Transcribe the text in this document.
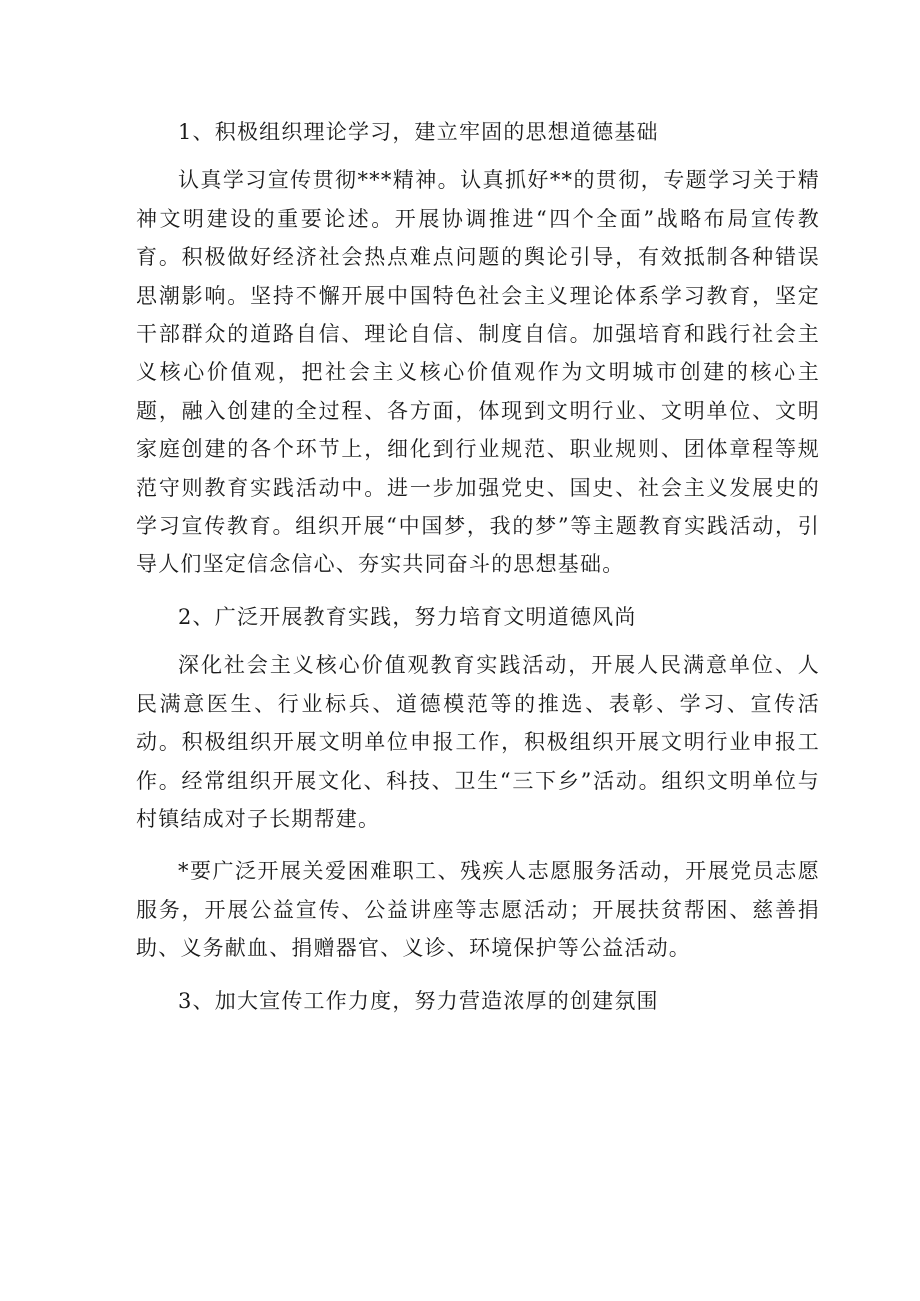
1、积极组织理论学习，建立牢固的思想道德基础

认真学习宣传贯彻***精神。认真抓好**的贯彻，专题学习关于精神文明建设的重要论述。开展协调推进“四个全面”战略布局宣传教育。积极做好经济社会热点难点问题的舆论引导，有效抵制各种错误思潮影响。坚持不懈开展中国特色社会主义理论体系学习教育，坚定干部群众的道路自信、理论自信、制度自信。加强培育和践行社会主义核心价值观，把社会主义核心价值观作为文明城市创建的核心主题，融入创建的全过程、各方面，体现到文明行业、文明单位、文明家庭创建的各个环节上，细化到行业规范、职业规则、团体章程等规范守则教育实践活动中。进一步加强党史、国史、社会主义发展史的学习宣传教育。组织开展“中国梦，我的梦”等主题教育实践活动，引导人们坚定信念信心、夯实共同奋斗的思想基础。

2、广泛开展教育实践，努力培育文明道德风尚

深化社会主义核心价值观教育实践活动，开展人民满意单位、人民满意医生、行业标兵、道德模范等的推选、表彰、学习、宣传活动。积极组织开展文明单位申报工作，积极组织开展文明行业申报工作。经常组织开展文化、科技、卫生“三下乡”活动。组织文明单位与村镇结成对子长期帮建。

*要广泛开展关爱困难职工、残疾人志愿服务活动，开展党员志愿服务，开展公益宣传、公益讲座等志愿活动；开展扶贫帮困、慈善捐助、义务献血、捐赠器官、义诊、环境保护等公益活动。

3、加大宣传工作力度，努力营造浓厚的创建氛围
